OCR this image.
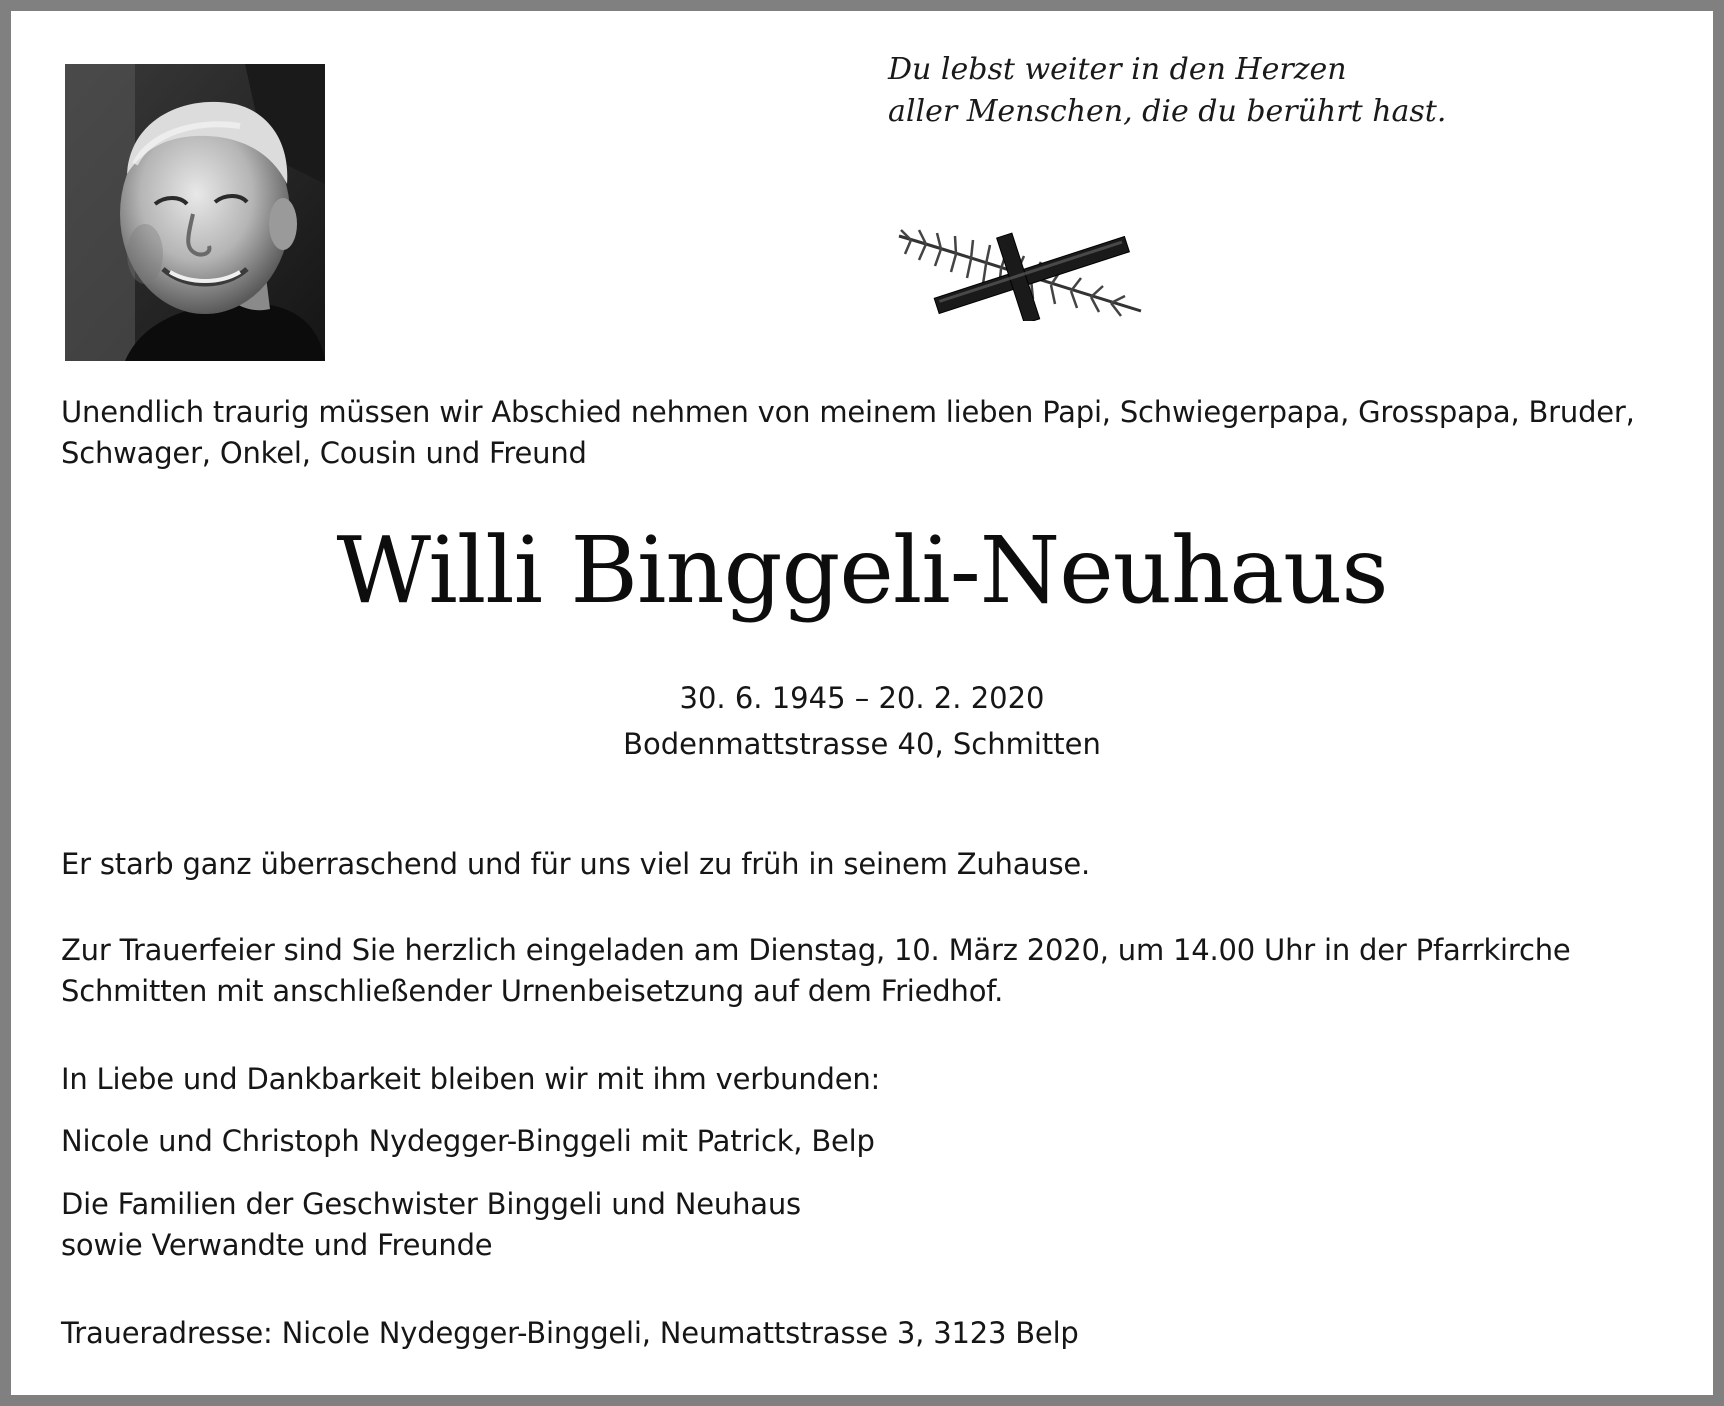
Du lebst weiter in den Herzen
aller Menschen, die du berührt hast.
Unendlich traurig müssen wir Abschied nehmen von meinem lieben Papi, Schwiegerpapa, Grosspapa, Bruder,
Schwager, Onkel, Cousin und Freund
Willi Binggeli-Neuhaus
30. 6. 1945 – 20. 2. 2020
Bodenmattstrasse 40, Schmitten
Er starb ganz überraschend und für uns viel zu früh in seinem Zuhause.
Zur Trauerfeier sind Sie herzlich eingeladen am Dienstag, 10. März 2020, um 14.00 Uhr in der Pfarrkirche
Schmitten mit anschließender Urnenbeisetzung auf dem Friedhof.
In Liebe und Dankbarkeit bleiben wir mit ihm verbunden:
Nicole und Christoph Nydegger-Binggeli mit Patrick, Belp
Die Familien der Geschwister Binggeli und Neuhaus
sowie Verwandte und Freunde
Traueradresse: Nicole Nydegger-Binggeli, Neumattstrasse 3, 3123 Belp
